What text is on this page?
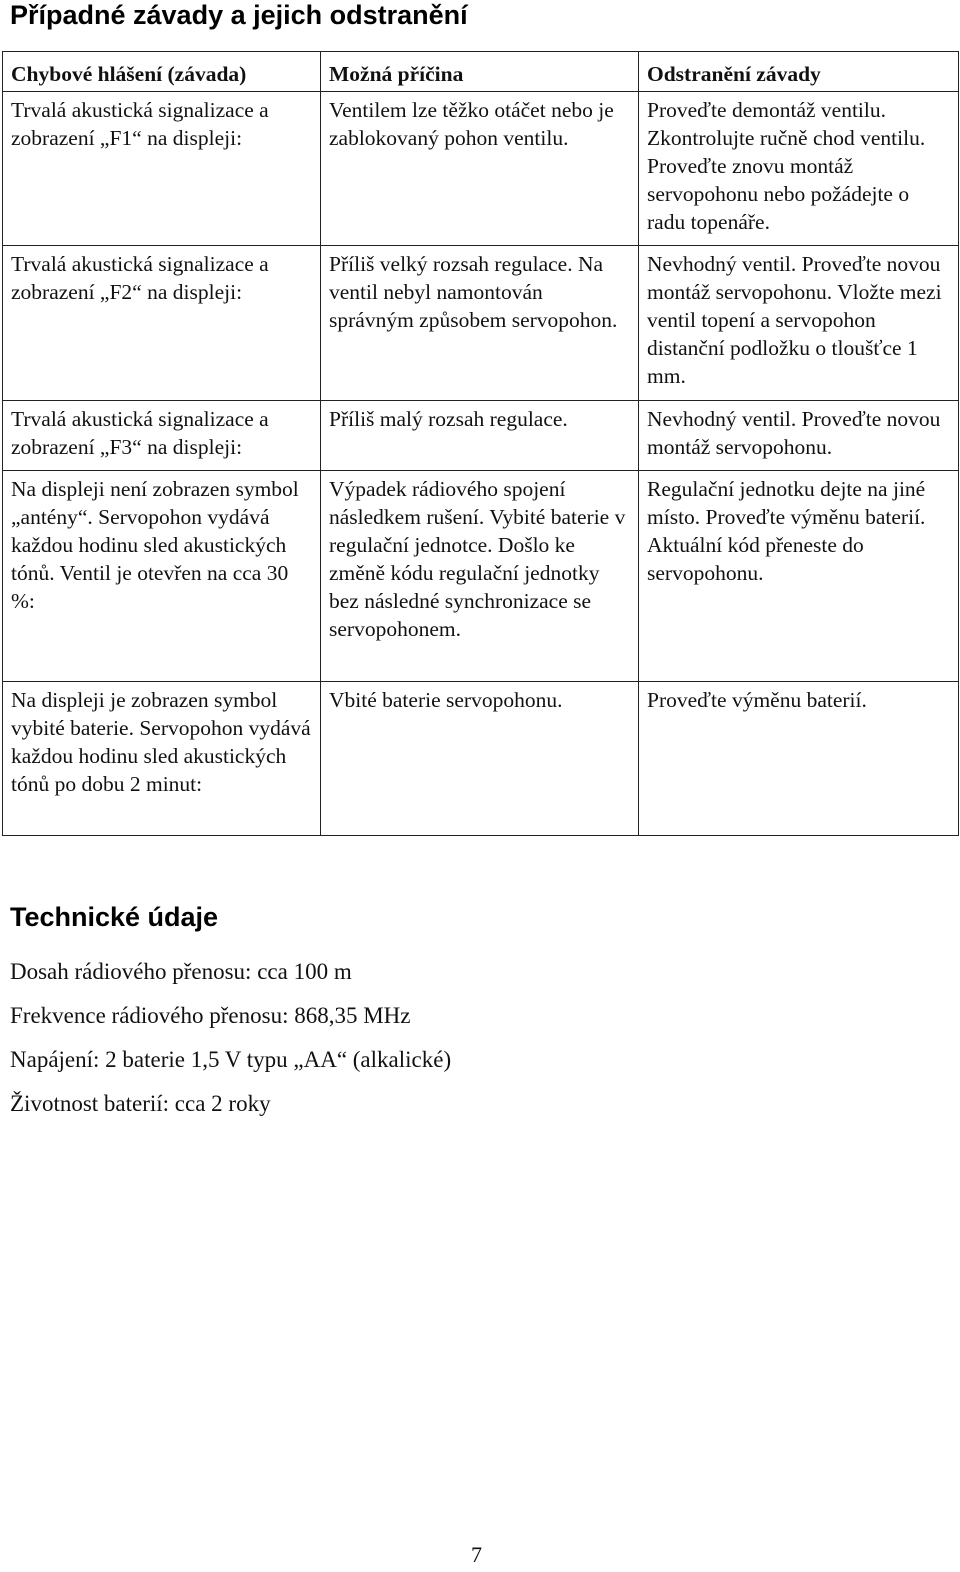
Případné závady a jejich odstranění
Chybové hlášení (závada)	Možná příčina	Odstranění závady
Trvalá akustická signalizace a zobrazení „F1“ na displeji:	Ventilem lze těžko otáčet nebo je zablokovaný pohon ventilu.	Proveďte demontáž ventilu. Zkontrolujte ručně chod ventilu. Proveďte znovu montáž servopohonu nebo požádejte o radu topenáře.
Trvalá akustická signalizace a zobrazení „F2“ na displeji:	Příliš velký rozsah regulace. Na ventil nebyl namontován správným způsobem servopohon.	Nevhodný ventil. Proveďte novou montáž servopohonu. Vložte mezi ventil topení a servopohon distanční podložku o tloušťce 1 mm.
Trvalá akustická signalizace a zobrazení „F3“ na displeji:	Příliš malý rozsah regulace.	Nevhodný ventil. Proveďte novou montáž servopohonu.
Na displeji není zobrazen symbol „antény“. Servopohon vydává každou hodinu sled akustických tónů. Ventil je otevřen na cca 30 %:	Výpadek rádiového spojení následkem rušení. Vybité baterie v regulační jednotce. Došlo ke změně kódu regulační jednotky bez následné synchronizace se servopohonem.	Regulační jednotku dejte na jiné místo. Proveďte výměnu baterií. Aktuální kód přeneste do servopohonu.
Na displeji je zobrazen symbol vybité baterie. Servopohon vydává každou hodinu sled akustických tónů po dobu 2 minut:	Vbité baterie servopohonu.	Proveďte výměnu baterií.
Technické údaje

Dosah rádiového přenosu: cca 100 m

Frekvence rádiového přenosu: 868,35 MHz

Napájení: 2 baterie 1,5 V typu „AA“ (alkalické)

Životnost baterií: cca 2 roky

7
